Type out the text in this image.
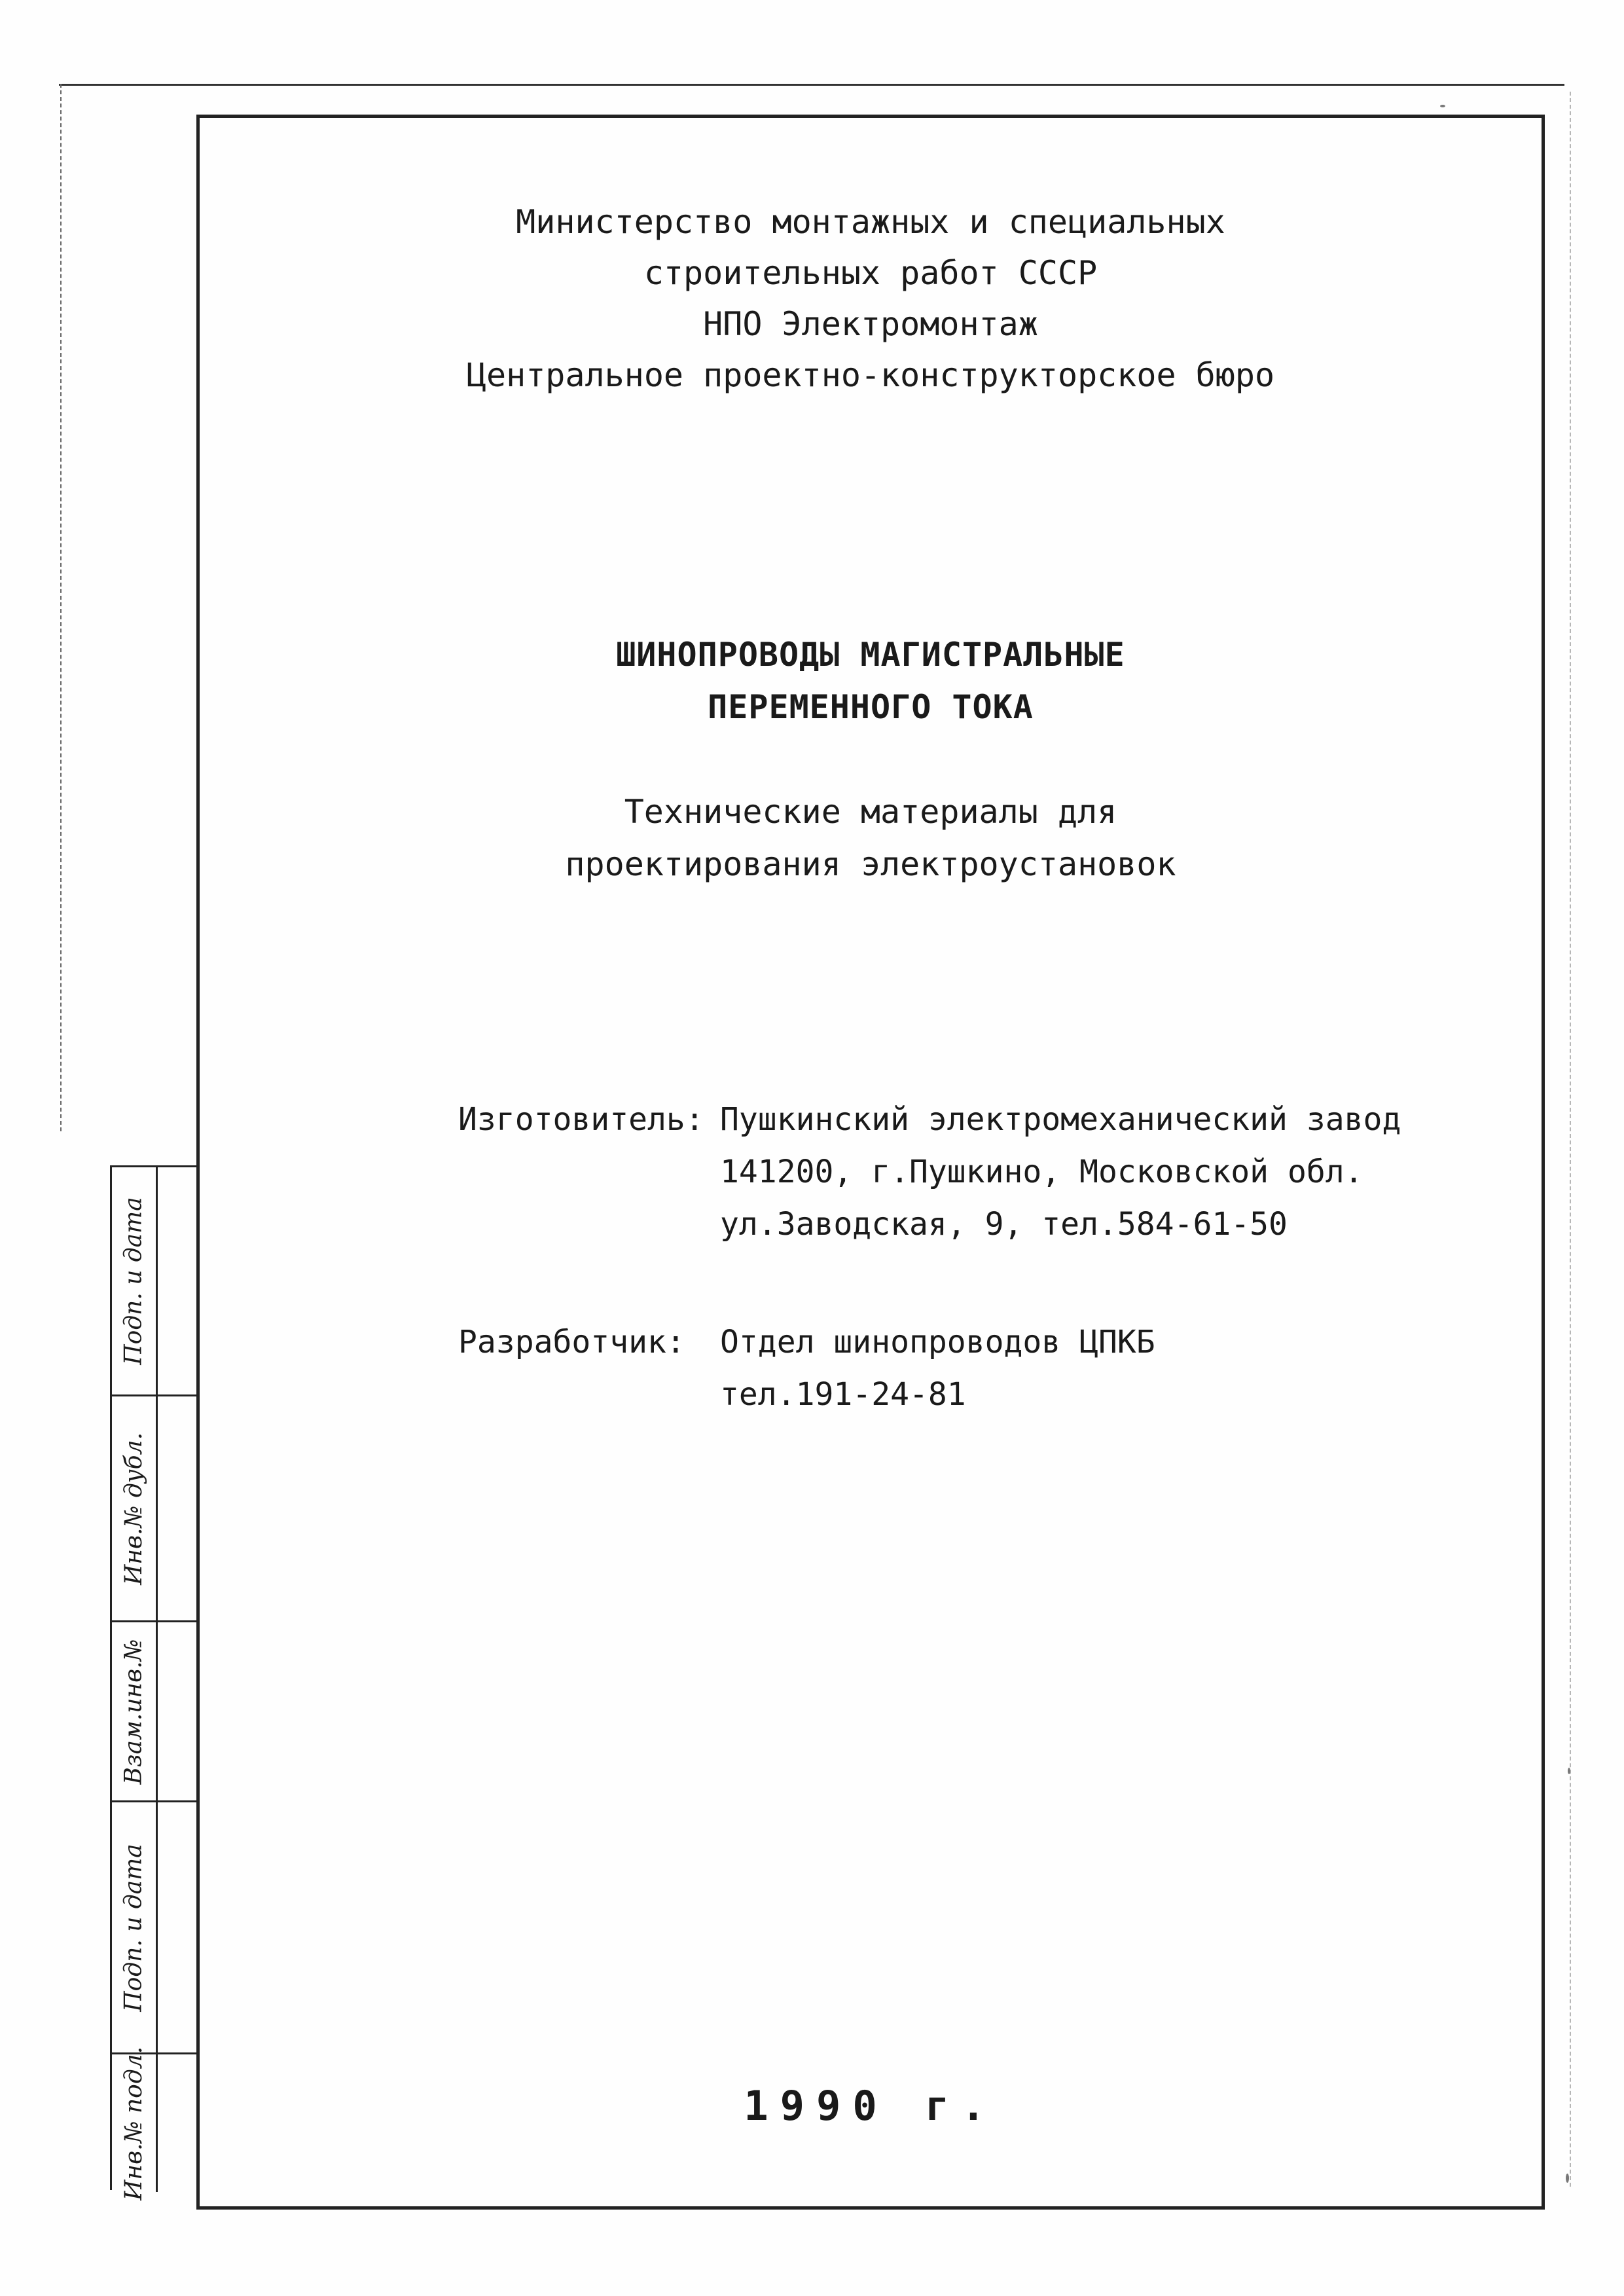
Министерство монтажных и специальных
строительных работ СССР
НПО Электромонтаж
Центральное проектно-конструкторское бюро
ШИНОПРОВОДЫ МАГИСТРАЛЬНЫЕ
ПЕРЕМЕННОГО ТОКА
Технические материалы для
проектирования электроустановок
Изготовитель: Пушкинский электромеханический завод
141200, г.Пушкино, Московской обл.
ул.Заводская, 9, тел.584-61-50
Разработчик:	Отдел шинопроводов ЦПКБ
тел.191-24-81
1990 г.
Подп. и дата
Инв.№ дубл.
Взам.инв.№
Подп. и дата
Инв.№ подл.
